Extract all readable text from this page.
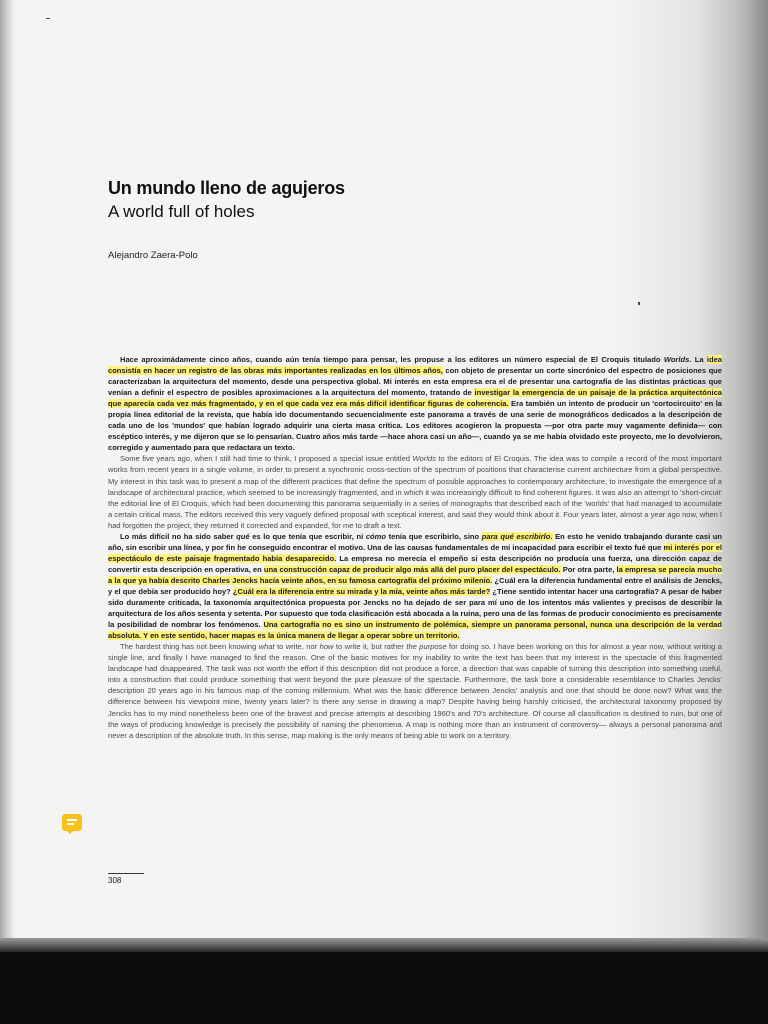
Un mundo lleno de agujeros
A world full of holes

Alejandro Zaera-Polo

Hace aproximádamente cinco años, cuando aún tenía tiempo para pensar, les propuse a los editores un número especial de El Croquis titulado Worlds. La idea consistía en hacer un registro de las obras más importantes realizadas en los últimos años, con objeto de presentar un corte sincrónico del espectro de posiciones que caracterizaban la arquitectura del momento, desde una perspectiva global. Mi interés en esta empresa era el de presentar una cartografía de las distintas prácticas que venían a definir el espectro de posibles aproximaciones a la arquitectura del momento, tratando de investigar la emergencia de un paisaje de la práctica arquitectónica que aparecía cada vez más fragmentado, y en el que cada vez era más difícil identificar figuras de coherencia. Era también un intento de producir un 'cortocircuito' en la propia línea editorial de la revista, que había ido documentando secuencialmente este panorama a través de una serie de monográficos dedicados a la descripción de cada uno de los 'mundos' que habían logrado adquirir una cierta masa crítica. Los editores acogieron la propuesta —por otra parte muy vagamente definida— con escéptico interés, y me dijeron que se lo pensarían. Cuatro años más tarde —hace ahora casi un año—, cuando ya se me había olvidado este proyecto, me lo devolvieron, corregido y aumentado para que redactara un texto.

Some five years ago, when I still had time to think, I proposed a special issue entitled Worlds to the editors of El Croquis. The idea was to compile a record of the most important works from recent years in a single volume, in order to present a synchronic cross-section of the spectrum of positions that characterise current architecture from a global perspective. My interest in this task was to present a map of the different practices that define the spectrum of possible approaches to contemporary architecture, to investigate the emergence of a landscape of architectural practice, which seemed to be increasingly fragmented, and in which it was increasingly difficult to find coherent figures. It was also an attempt to 'short-circuit' the editorial line of El Croquis, which had been documenting this panorama sequentially in a series of monographs that described each of the 'worlds' that had managed to accumulate a certain critical mass. The editors received this very vaguely defined proposal with sceptical interest, and said they would think about it. Four years later, almost a year ago now, when I had forgotten the project, they returned it corrected and expanded, for me to draft a text.

Lo más difícil no ha sido saber qué es lo que tenía que escribir, ni cómo tenía que escribirlo, sino para qué escribirlo. En esto he venido trabajando durante casi un año, sin escribir una línea, y por fin he conseguido encontrar el motivo. Una de las causas fundamentales de mi incapacidad para escribir el texto fué que mi interés por el espectáculo de este paisaje fragmentado había desaparecido. La empresa no merecía el empeño si esta descripción no producía una fuerza, una dirección capaz de convertir esta descripción en operativa, en una construcción capaz de producir algo más allá del puro placer del espectáculo. Por otra parte, la empresa se parecía mucho a la que ya había descrito Charles Jencks hacía veinte años, en su famosa cartografía del próximo milenio. ¿Cuál era la diferencia fundamental entre el análisis de Jencks, y el que debía ser producido hoy? ¿Cuál era la diferencia entre su mirada y la mía, veinte años más tarde? ¿Tiene sentido intentar hacer una cartografía? A pesar de haber sido duramente criticada, la taxonomía arquitectónica propuesta por Jencks no ha dejado de ser para mí uno de los intentos más valientes y precisos de describir la arquitectura de los años sesenta y setenta. Por supuesto que toda clasificación está abocada a la ruina, pero una de las formas de producir conocimiento es precisamente la posibilidad de nombrar los fenómenos. Una cartografía no es sino un instrumento de polémica, siempre un panorama personal, nunca una descripción de la verdad absoluta. Y en este sentido, hacer mapas es la única manera de llegar a operar sobre un territorio.

The hardest thing has not been knowing what to write, nor how to write it, but rather the purpose for doing so. I have been working on this for almost a year now, without writing a single line, and finally I have managed to find the reason. One of the basic motives for my inability to write the text has been that my interest in the spectacle of this fragmented landscape had disappeared. The task was not worth the effort if this description did not produce a force, a direction that was capable of turning this description into something useful, into a construction that could produce something that went beyond the pure pleasure of the spectacle. Furthermore, the task bore a considerable resemblance to Charles Jencks' description 20 years ago in his famous map of the coming millennium. What was the basic difference between Jencks' analysis and one that should be done now? What was the difference between his viewpoint mine, twenty years later? Is there any sense in drawing a map? Despite having being harshly criticised, the architectural taxonomy proposed by Jencks has to my mind nonetheless been one of the bravest and precise attempts at describing 1960's and 70's architecture. Of course all classification is destined to ruin, but one of the ways of producing knowledge is precisely the possibility of naming the phenomena. A map is nothing more than an instrument of controversy— always a personal panorama and never a description of the absolute truth. In this sense, map making is the only means of being able to work on a territory.

308
